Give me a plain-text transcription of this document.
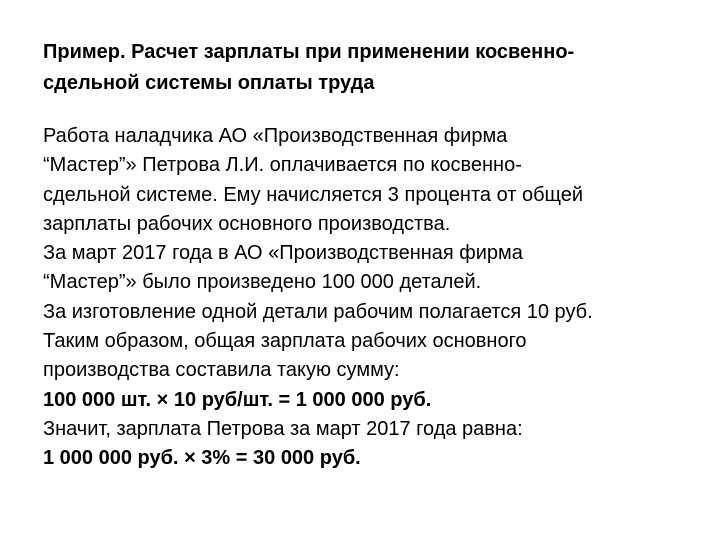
Пример. Расчет зарплаты при применении косвенно-
сдельной системы оплаты труда
Работа наладчика АО «Производственная фирма
“Мастер”» Петрова Л.И. оплачивается по косвенно-
сдельной системе. Ему начисляется 3 процента от общей
зарплаты рабочих основного производства.
За март 2017 года в АО «Производственная фирма
“Мастер”» было произведено 100 000 деталей.
За изготовление одной детали рабочим полагается 10 руб.
Таким образом, общая зарплата рабочих основного
производства составила такую сумму:
100 000 шт. × 10 руб/шт. = 1 000 000 руб.
Значит, зарплата Петрова за март 2017 года равна:
1 000 000 руб. × 3% = 30 000 руб.
